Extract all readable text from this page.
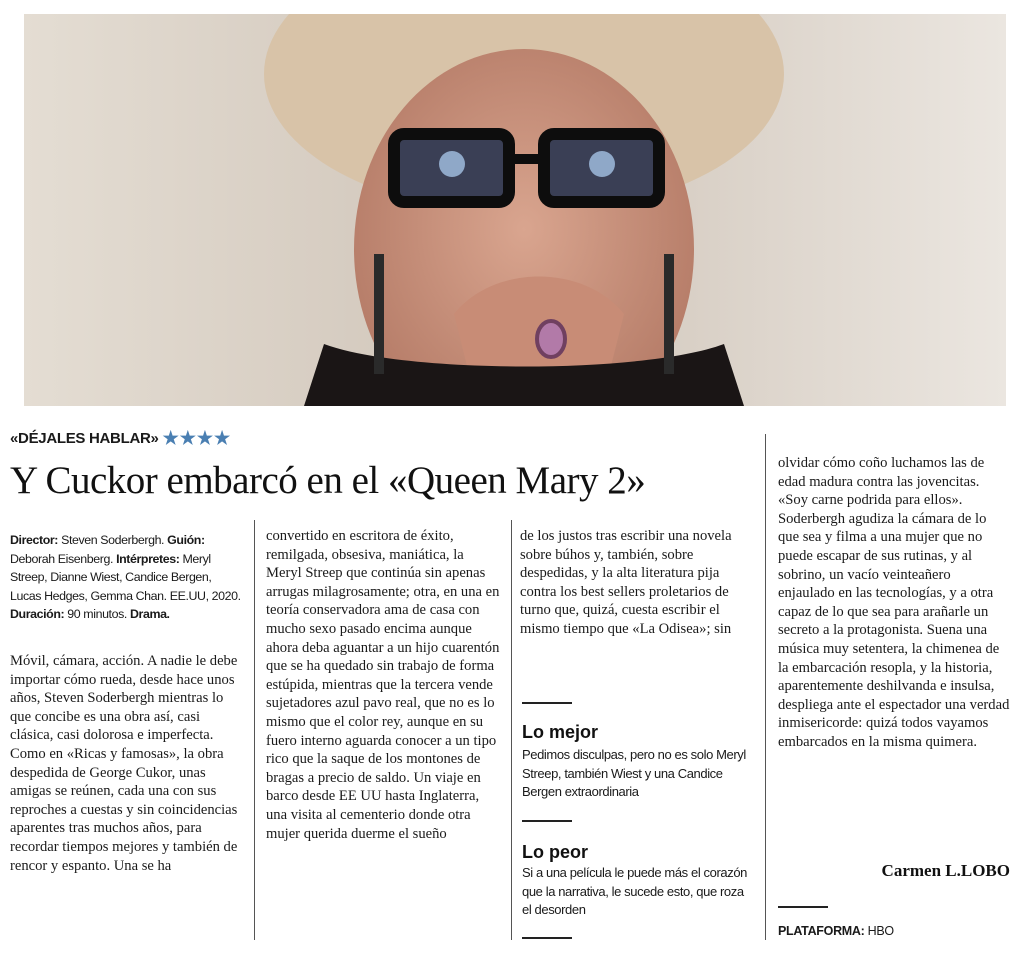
«DÉJALES HABLAR» ★★★★
Y Cuckor embarcó en el «Queen Mary 2»
Director: Steven Soderbergh. Guión: Deborah Eisenberg. Intérpretes: Meryl Streep, Dianne Wiest, Candice Bergen, Lucas Hedges, Gemma Chan. EE.UU, 2020. Duración: 90 minutos. Drama.

Móvil, cámara, acción. A nadie le debe importar cómo rueda, desde hace unos años, Steven Soderbergh mientras lo que concibe es una obra así, casi clásica, casi dolorosa e imperfecta. Como en «Ricas y famosas», la obra despedida de George Cukor, unas amigas se reúnen, cada una con sus reproches a cuestas y sin coincidencias aparentes tras muchos años, para recordar tiempos mejores y también de rencor y espanto. Una se ha

convertido en escritora de éxito, remilgada, obsesiva, maniática, la Meryl Streep que continúa sin apenas arrugas milagrosamente; otra, en una en teoría conservadora ama de casa con mucho sexo pasado encima aunque ahora deba aguantar a un hijo cuarentón que se ha quedado sin trabajo de forma estúpida, mientras que la tercera vende sujetadores azul pavo real, que no es lo mismo que el color rey, aunque en su fuero interno aguarda conocer a un tipo rico que la saque de los montones de bragas a precio de saldo. Un viaje en barco desde EE UU hasta Inglaterra, una visita al cementerio donde otra mujer querida duerme el sueño

de los justos tras escribir una novela sobre búhos y, también, sobre despedidas, y la alta literatura pija contra los best sellers proletarios de turno que, quizá, cuesta escribir el mismo tiempo que «La Odisea»; sin

Lo mejor
Pedimos disculpas, pero no es solo Meryl Streep, también Wiest y una Candice Bergen extraordinaria
Lo peor
Si a una película le puede más el corazón que la narrativa, le sucede esto, que roza el desorden

olvidar cómo coño luchamos las de edad madura contra las jovencitas. «Soy carne podrida para ellos». Soderbergh agudiza la cámara de lo que sea y filma a una mujer que no puede escapar de sus rutinas, y al sobrino, un vacío veinteañero enjaulado en las tecnologías, y a otra capaz de lo que sea para arañarle un secreto a la protagonista. Suena una música muy setentera, la chimenea de la embarcación resopla, y la historia, aparentemente deshilvanda e insulsa, despliega ante el espectador una verdad inmisericorde: quizá todos vayamos embarcados en la misma quimera.

Carmen L.LOBO
PLATAFORMA: HBO
